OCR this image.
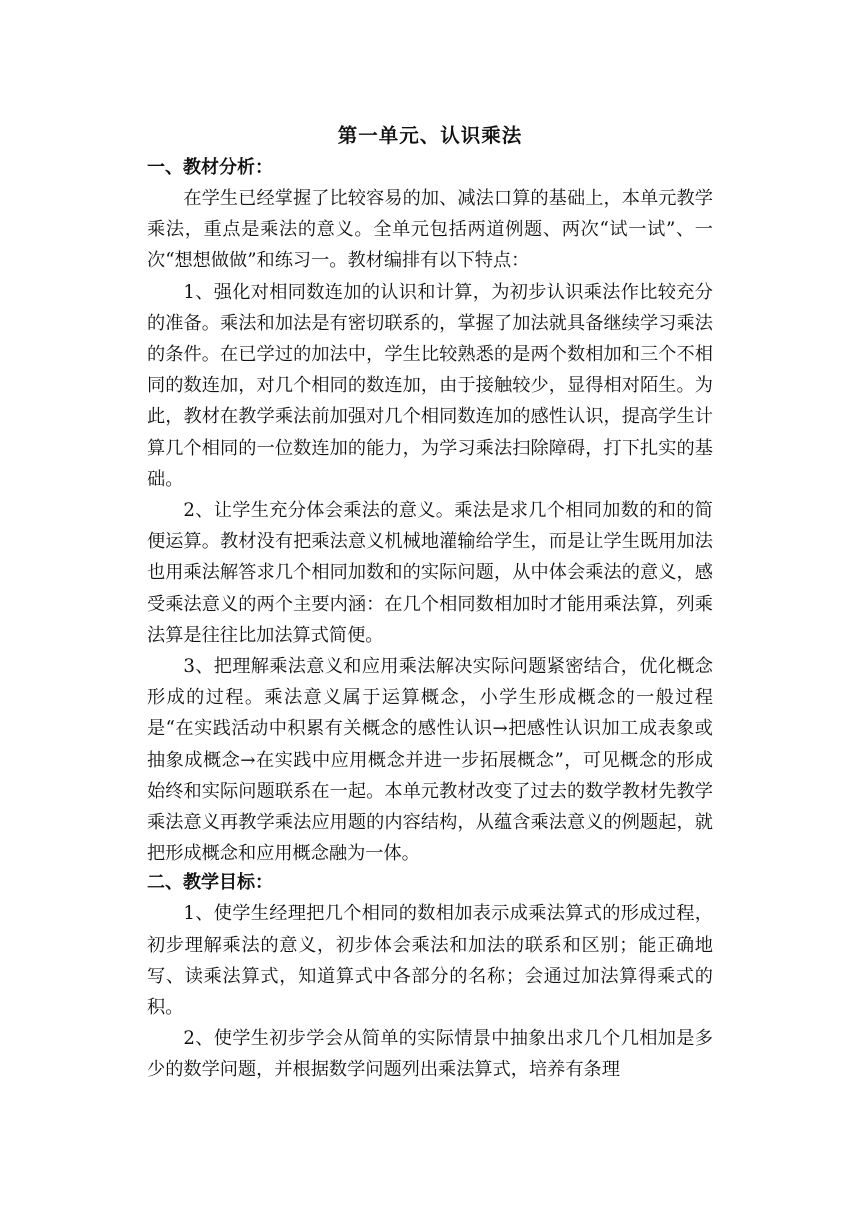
第一单元、认识乘法
一、教材分析：

在学生已经掌握了比较容易的加、减法口算的基础上，本单元教学乘法，重点是乘法的意义。全单元包括两道例题、两次“试一试”、一次“想想做做”和练习一。教材编排有以下特点：

1、强化对相同数连加的认识和计算，为初步认识乘法作比较充分的准备。乘法和加法是有密切联系的，掌握了加法就具备继续学习乘法的条件。在已学过的加法中，学生比较熟悉的是两个数相加和三个不相同的数连加，对几个相同的数连加，由于接触较少，显得相对陌生。为此，教材在教学乘法前加强对几个相同数连加的感性认识，提高学生计算几个相同的一位数连加的能力，为学习乘法扫除障碍，打下扎实的基础。

2、让学生充分体会乘法的意义。乘法是求几个相同加数的和的简便运算。教材没有把乘法意义机械地灌输给学生，而是让学生既用加法也用乘法解答求几个相同加数和的实际问题，从中体会乘法的意义，感受乘法意义的两个主要内涵：在几个相同数相加时才能用乘法算，列乘法算是往往比加法算式简便。

3、把理解乘法意义和应用乘法解决实际问题紧密结合，优化概念形成的过程。乘法意义属于运算概念，小学生形成概念的一般过程是“在实践活动中积累有关概念的感性认识→把感性认识加工成表象或抽象成概念→在实践中应用概念并进一步拓展概念”，可见概念的形成始终和实际问题联系在一起。本单元教材改变了过去的数学教材先教学乘法意义再教学乘法应用题的内容结构，从蕴含乘法意义的例题起，就把形成概念和应用概念融为一体。

二、教学目标：

1、使学生经理把几个相同的数相加表示成乘法算式的形成过程，初步理解乘法的意义，初步体会乘法和加法的联系和区别；能正确地写、读乘法算式，知道算式中各部分的名称；会通过加法算得乘式的积。

2、使学生初步学会从简单的实际情景中抽象出求几个几相加是多少的数学问题，并根据数学问题列出乘法算式，培养有条理
